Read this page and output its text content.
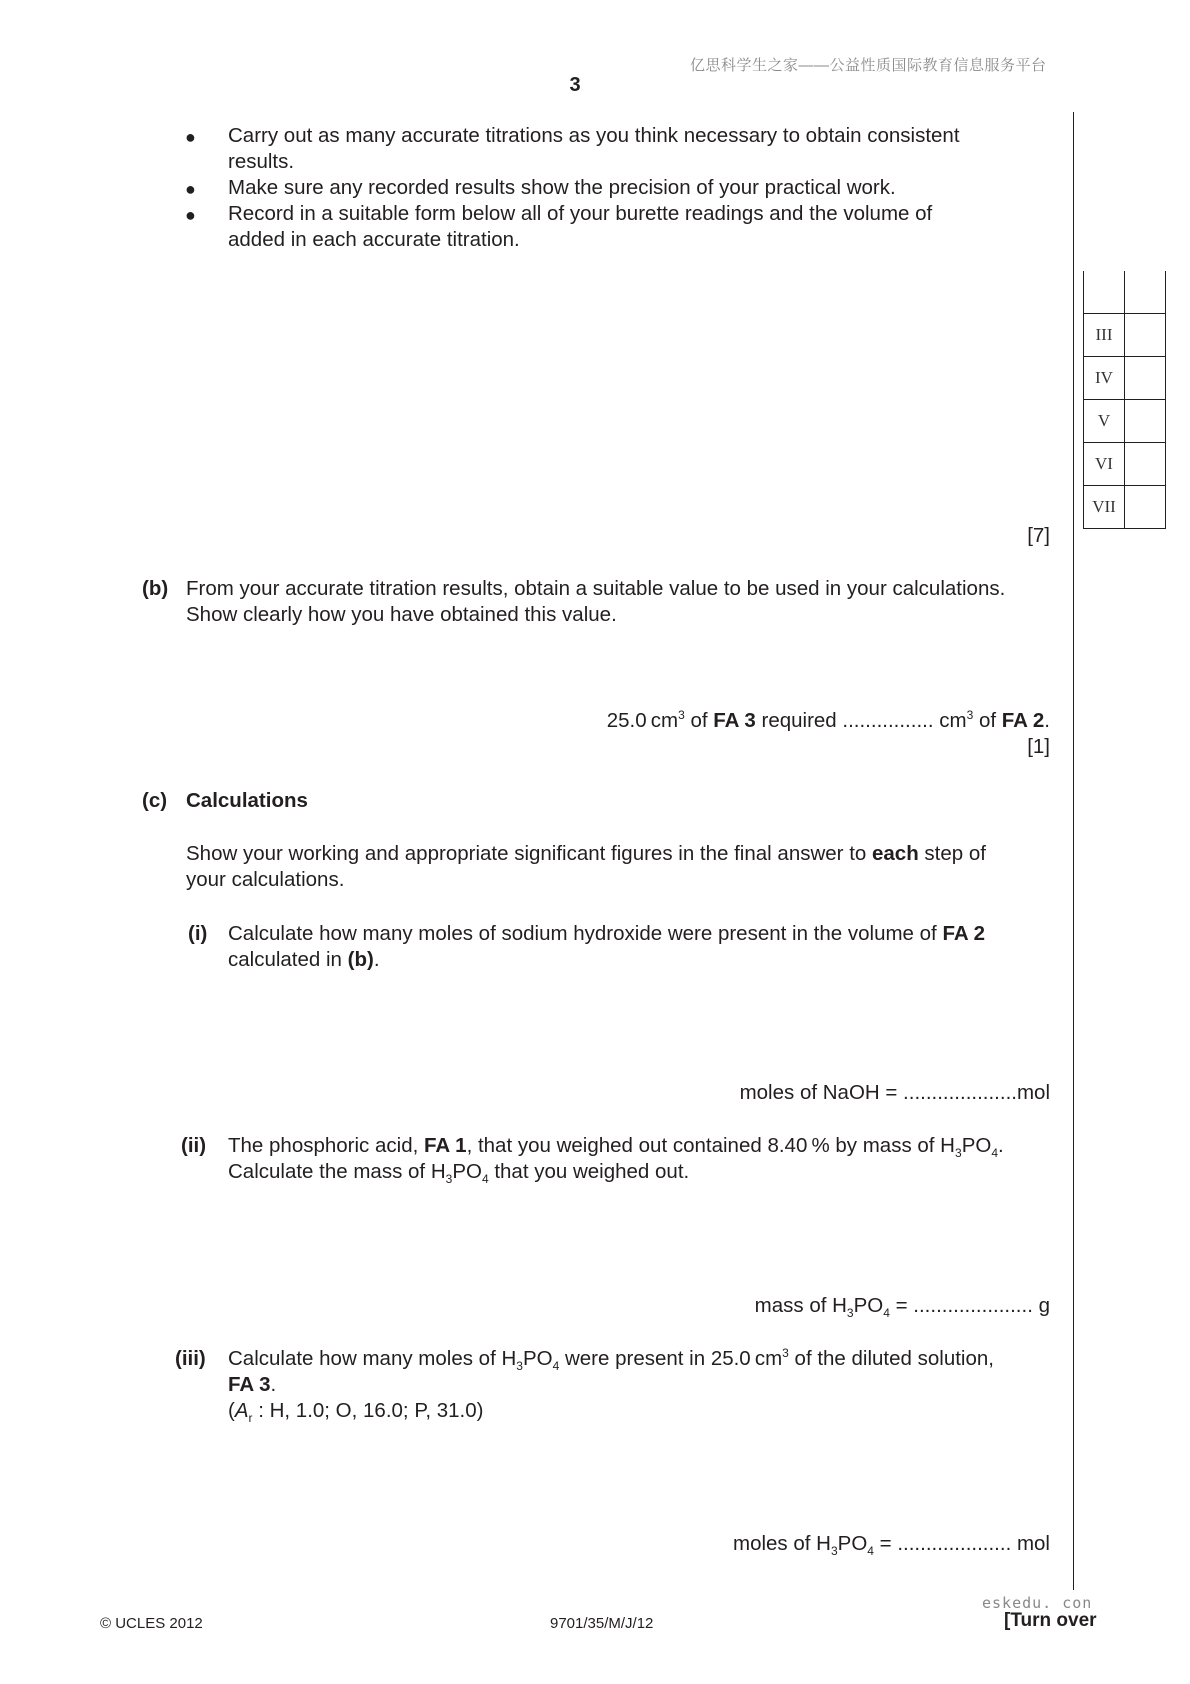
亿思科学生之家——公益性质国际教育信息服务平台
3
● Carry out as many accurate titrations as you think necessary to obtain consistent
results.
● Make sure any recorded results show the precision of your practical work.
● Record in a suitable form below all of your burette readings and the volume of
added in each accurate titration.

III	
IV	
V	
VI	
VII	
[7]
(b) From your accurate titration results, obtain a suitable value to be used in your calculations.
Show clearly how you have obtained this value.
25.0 $cm^3$ of FA 3 required ................ $cm^3$ of FA 2.
[1]
(c) Calculations
Show your working and appropriate significant figures in the final answer to each step of
your calculations.
(i) Calculate how many moles of sodium hydroxide were present in the volume of FA 2
calculated in (b).
moles of NaOH = ....................mol
(ii) The phosphoric acid, FA 1, that you weighed out contained 8.40 % by mass of $H_3PO_4$.
Calculate the mass of $H_3PO_4$ that you weighed out.
mass of $H_3PO_4$ = ..................... g
(iii) Calculate how many moles of $H_3PO_4$ were present in 25.0 $cm^3$ of the diluted solution,
FA 3.
($A_r$ : H, 1.0; O, 16.0; P, 31.0)
moles of $H_3PO_4$ = .................... mol
eskedu. con
© UCLES 2012	9701/35/M/J/12	[Turn over
